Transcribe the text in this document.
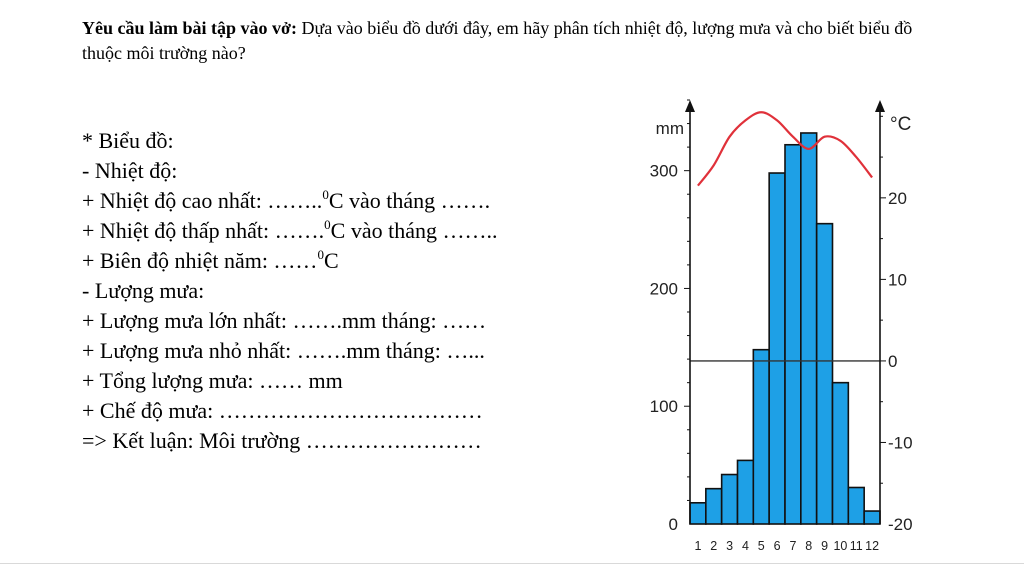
Yêu cầu làm bài tập vào vở: Dựa vào biểu đồ dưới đây, em hãy phân tích nhiệt độ, lượng mưa và cho biết biểu đồ thuộc môi trường nào?
* Biểu đồ:
- Nhiệt độ:
+ Nhiệt độ cao nhất: ……..$^0$C vào tháng …….
+ Nhiệt độ thấp nhất: …….$^0$C vào tháng ……..
+ Biên độ nhiệt năm: ……$^0$C
- Lượng mưa:
+ Lượng mưa lớn nhất: …….mm tháng: ……
+ Lượng mưa nhỏ nhất: …….mm tháng: …...
+ Tổng lượng mưa: …… mm
+ Chế độ mưa: ………………………………
=> Kết luận: Môi trường ……………………
0
100
200
300
-20
-10
0
10
20
mm	°C
1 2 3 4 5 6 7 8 9 10 11 12
